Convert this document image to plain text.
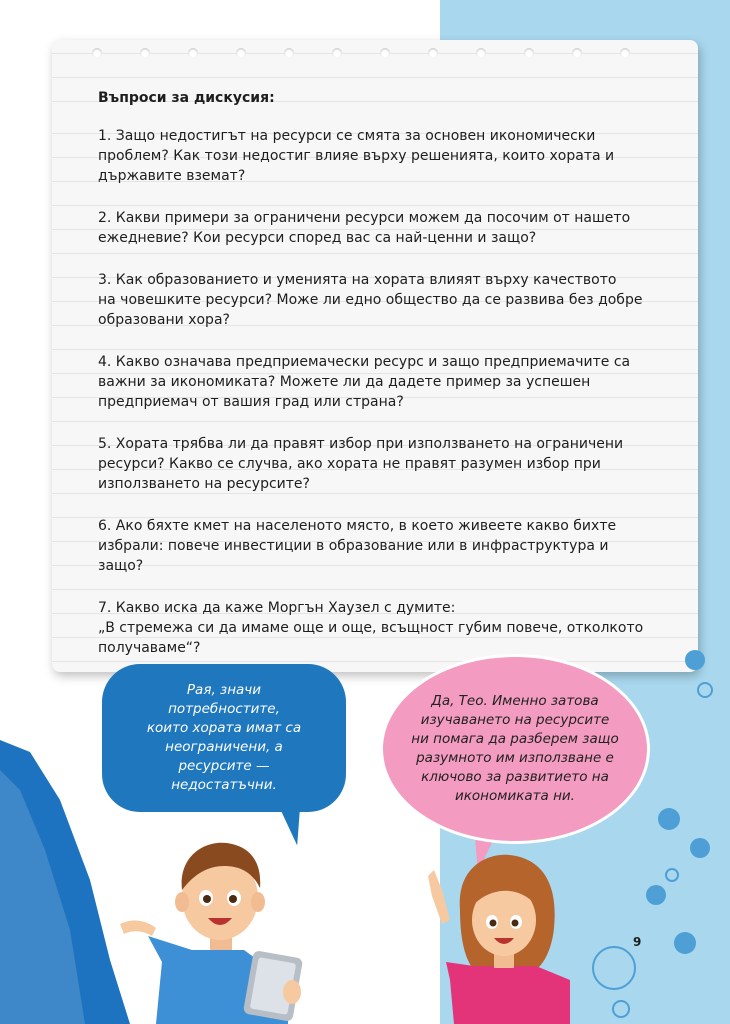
Въпроси за дискусия:

1. Защо недостигът на ресурси се смята за основен икономически
проблем? Как този недостиг влияе върху решенията, които хората и
държавите вземат?

2. Какви примери за ограничени ресурси можем да посочим от нашето
ежедневие? Кои ресурси според вас са най-ценни и защо?

3. Как образованието и уменията на хората влияят върху качеството
на човешките ресурси? Може ли едно общество да се развива без добре
образовани хора?

4. Какво означава предприемачески ресурс и защо предприемачите са
важни за икономиката? Можете ли да дадете пример за успешен
предприемач от вашия град или страна?

5. Хората трябва ли да правят избор при използването на ограничени
ресурси? Какво се случва, ако хората не правят разумен избор при
използването на ресурсите?

6. Ако бяхте кмет на населеното място, в което живеете какво бихте
избрали: повече инвестиции в образование или в инфраструктура и
защо?

7. Какво иска да каже Моргън Хаузел с думите:
„В стремежа си да имаме още и още, всъщност губим повече, отколкото
получаваме“?

Рая, значи
потребностите,
които хората имат са
неограничени, а
ресурсите —
недостатъчни.
Да, Тео. Именно затова
изучаването на ресурсите
ни помага да разберем защо
разумното им използване е
ключово за развитието на
икономиката ни.
9
